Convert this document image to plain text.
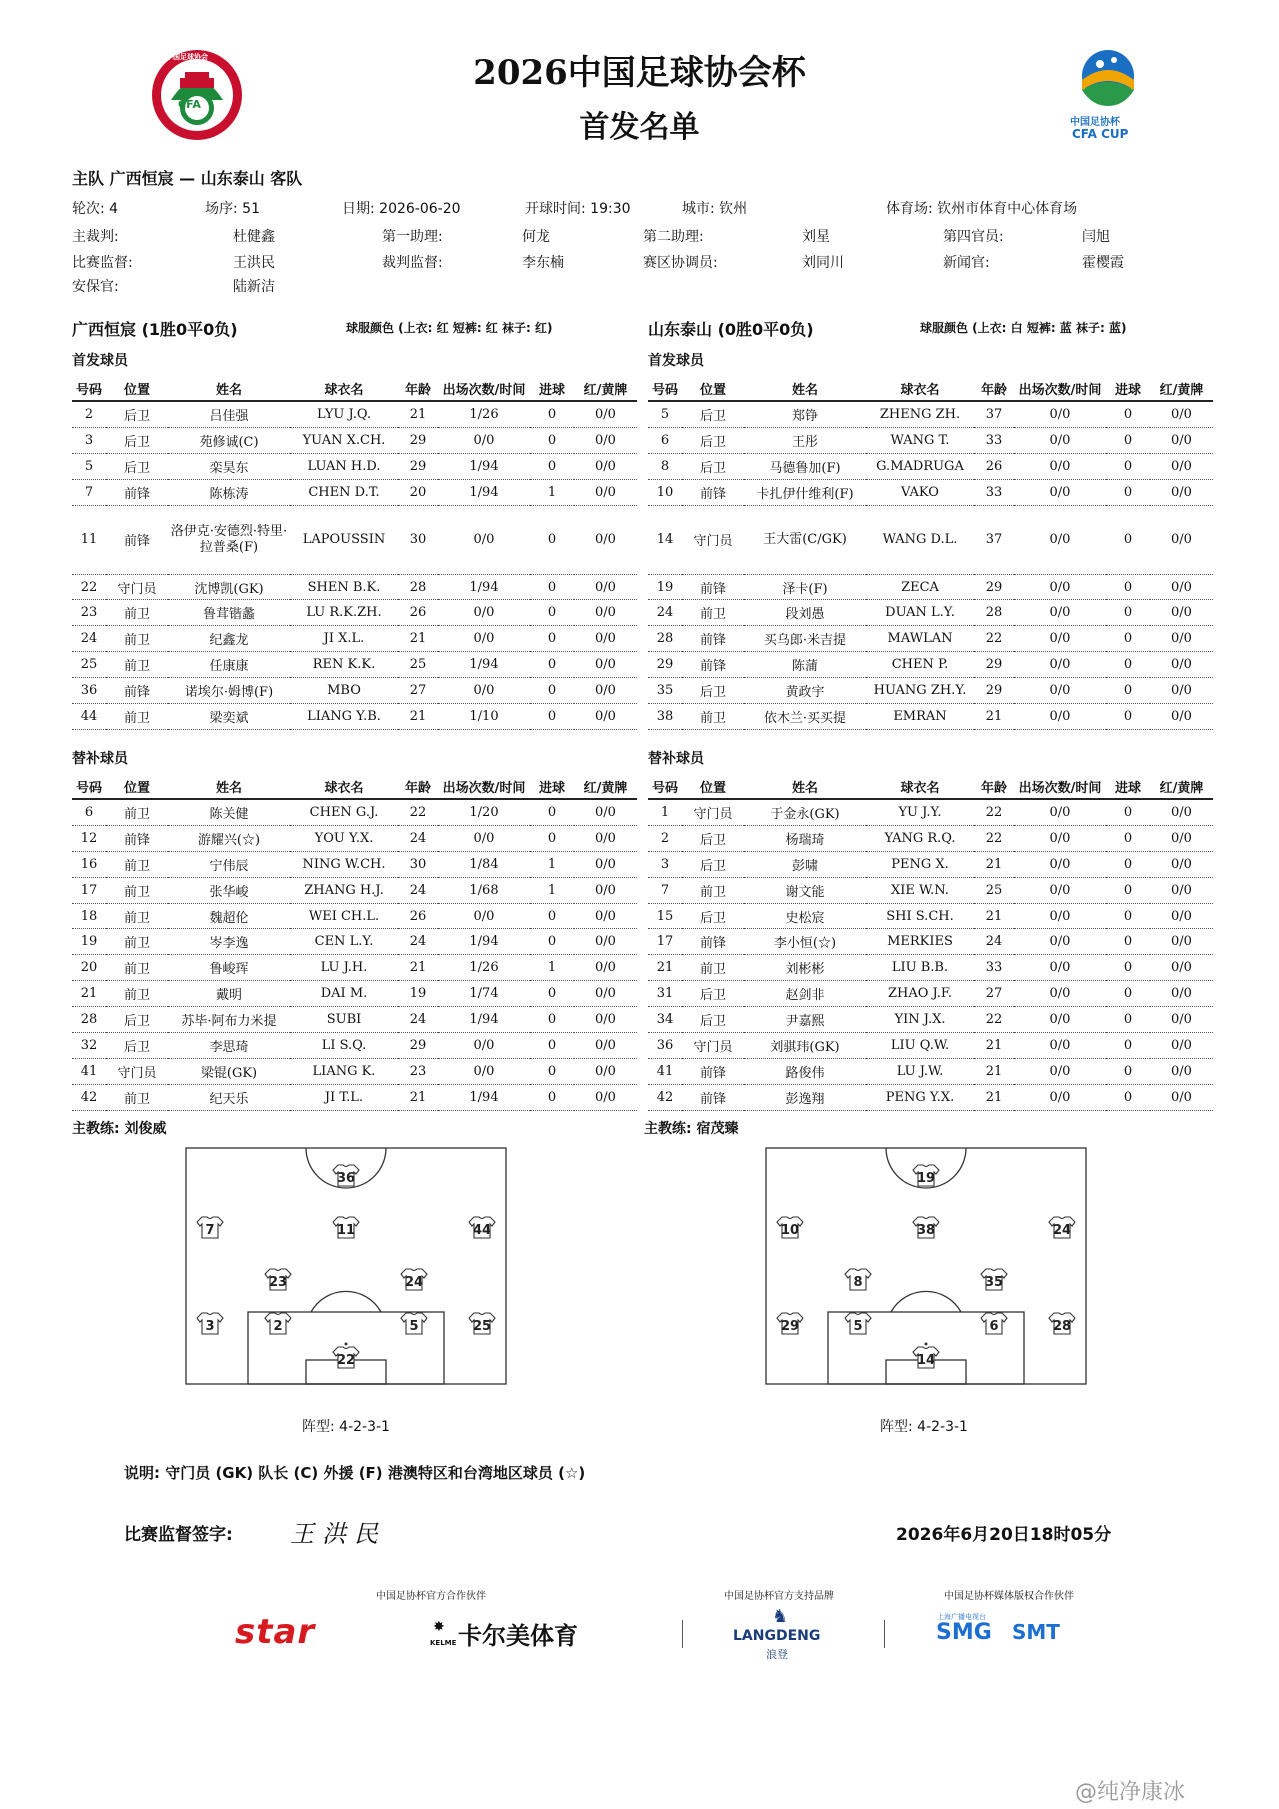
CFA
中国足球协会	2026中国足球协会杯
首发名单	中国足协杯
CFA CUP
主队 广西恒宸 — 山东泰山 客队
轮次: 4	场序: 51	日期: 2026-06-20	开球时间: 19:30	城市: 钦州	体育场: 钦州市体育中心体育场
主裁判:	杜健鑫	第一助理:	何龙	第二助理:	刘星	第四官员:	闫旭
比赛监督:	王洪民	裁判监督:	李东楠	赛区协调员:	刘同川	新闻官:	霍樱霞
安保官:	陆新洁
广西恒宸 (1胜0平0负)	球服颜色 (上衣: 红 短裤: 红 袜子: 红)	山东泰山 (0胜0平0负)	球服颜色 (上衣: 白 短裤: 蓝 袜子: 蓝)
首发球员	首发球员
号码	位置	姓名	球衣名	年龄	出场次数/时间	进球	红/黄牌
2	后卫	吕佳强	LYU J.Q.	21	1/26	0	0/0
3	后卫	苑修诚(C)	YUAN X.CH.	29	0/0	0	0/0
5	后卫	栾昊东	LUAN H.D.	29	1/94	0	0/0
7	前锋	陈栋涛	CHEN D.T.	20	1/94	1	0/0
11	前锋	洛伊克·安德烈·特里·拉普桑(F)	LAPOUSSIN	30	0/0	0	0/0
22	守门员	沈博凯(GK)	SHEN B.K.	28	1/94	0	0/0
23	前卫	鲁茸锴蠡	LU R.K.ZH.	26	0/0	0	0/0
24	前卫	纪鑫龙	JI X.L.	21	0/0	0	0/0
25	前卫	任康康	REN K.K.	25	1/94	0	0/0
36	前锋	诺埃尔·姆博(F)	MBO	27	0/0	0	0/0
44	前卫	梁奕斌	LIANG Y.B.	21	1/10	0	0/0
号码	位置	姓名	球衣名	年龄	出场次数/时间	进球	红/黄牌
5	后卫	郑铮	ZHENG ZH.	37	0/0	0	0/0
6	后卫	王彤	WANG T.	33	0/0	0	0/0
8	后卫	马德鲁加(F)	G.MADRUGA	26	0/0	0	0/0
10	前锋	卡扎伊什维利(F)	VAKO	33	0/0	0	0/0
14	守门员	王大雷(C/GK)	WANG D.L.	37	0/0	0	0/0
19	前锋	泽卡(F)	ZECA	29	0/0	0	0/0
24	前卫	段刘愚	DUAN L.Y.	28	0/0	0	0/0
28	前锋	买乌郎·米吉提	MAWLAN	22	0/0	0	0/0
29	前锋	陈蒲	CHEN P.	29	0/0	0	0/0
35	后卫	黄政宇	HUANG ZH.Y.	29	0/0	0	0/0
38	前卫	依木兰·买买提	EMRAN	21	0/0	0	0/0
替补球员	替补球员
号码	位置	姓名	球衣名	年龄	出场次数/时间	进球	红/黄牌
6	前卫	陈关健	CHEN G.J.	22	1/20	0	0/0
12	前锋	游耀兴(☆)	YOU Y.X.	24	0/0	0	0/0
16	前卫	宁伟辰	NING W.CH.	30	1/84	1	0/0
17	前卫	张华峻	ZHANG H.J.	24	1/68	1	0/0
18	前卫	魏超伦	WEI CH.L.	26	0/0	0	0/0
19	前卫	岑李逸	CEN L.Y.	24	1/94	0	0/0
20	前卫	鲁峻珲	LU J.H.	21	1/26	1	0/0
21	前卫	戴明	DAI M.	19	1/74	0	0/0
28	后卫	苏毕·阿布力米提	SUBI	24	1/94	0	0/0
32	后卫	李思琦	LI S.Q.	29	0/0	0	0/0
41	守门员	梁锟(GK)	LIANG K.	23	0/0	0	0/0
42	前卫	纪天乐	JI T.L.	21	1/94	0	0/0
号码	位置	姓名	球衣名	年龄	出场次数/时间	进球	红/黄牌
1	守门员	于金永(GK)	YU J.Y.	22	0/0	0	0/0
2	后卫	杨瑞琦	YANG R.Q.	22	0/0	0	0/0
3	后卫	彭啸	PENG X.	21	0/0	0	0/0
7	前卫	谢文能	XIE W.N.	25	0/0	0	0/0
15	后卫	史松宸	SHI S.CH.	21	0/0	0	0/0
17	前锋	李小恒(☆)	MERKIES	24	0/0	0	0/0
21	前卫	刘彬彬	LIU B.B.	33	0/0	0	0/0
31	后卫	赵剑非	ZHAO J.F.	27	0/0	0	0/0
34	后卫	尹嘉熙	YIN J.X.	22	0/0	0	0/0
36	守门员	刘骐玮(GK)	LIU Q.W.	21	0/0	0	0/0
41	前锋	路俊伟	LU J.W.	21	0/0	0	0/0
42	前锋	彭逸翔	PENG Y.X.	21	0/0	0	0/0
主教练: 刘俊威	主教练: 宿茂臻
36
7	11	44
23	24
3	2	5	25
22
19
10	38	24
8	35
29	5	6	28
14
阵型: 4-2-3-1	阵型: 4-2-3-1
说明: 守门员 (GK) 队长 (C) 外援 (F) 港澳特区和台湾地区球员 (☆)
比赛监督签字: 王洪民	2026年6月20日18时05分
中国足协杯官方合作伙伴	中国足协杯官方支持品牌	中国足协杯媒体版权合作伙伴
star	✸
KELME 卡尔美体育
♞
LANGDENG
浪登
上海广播电视台
SMG SMT
@纯净康冰
